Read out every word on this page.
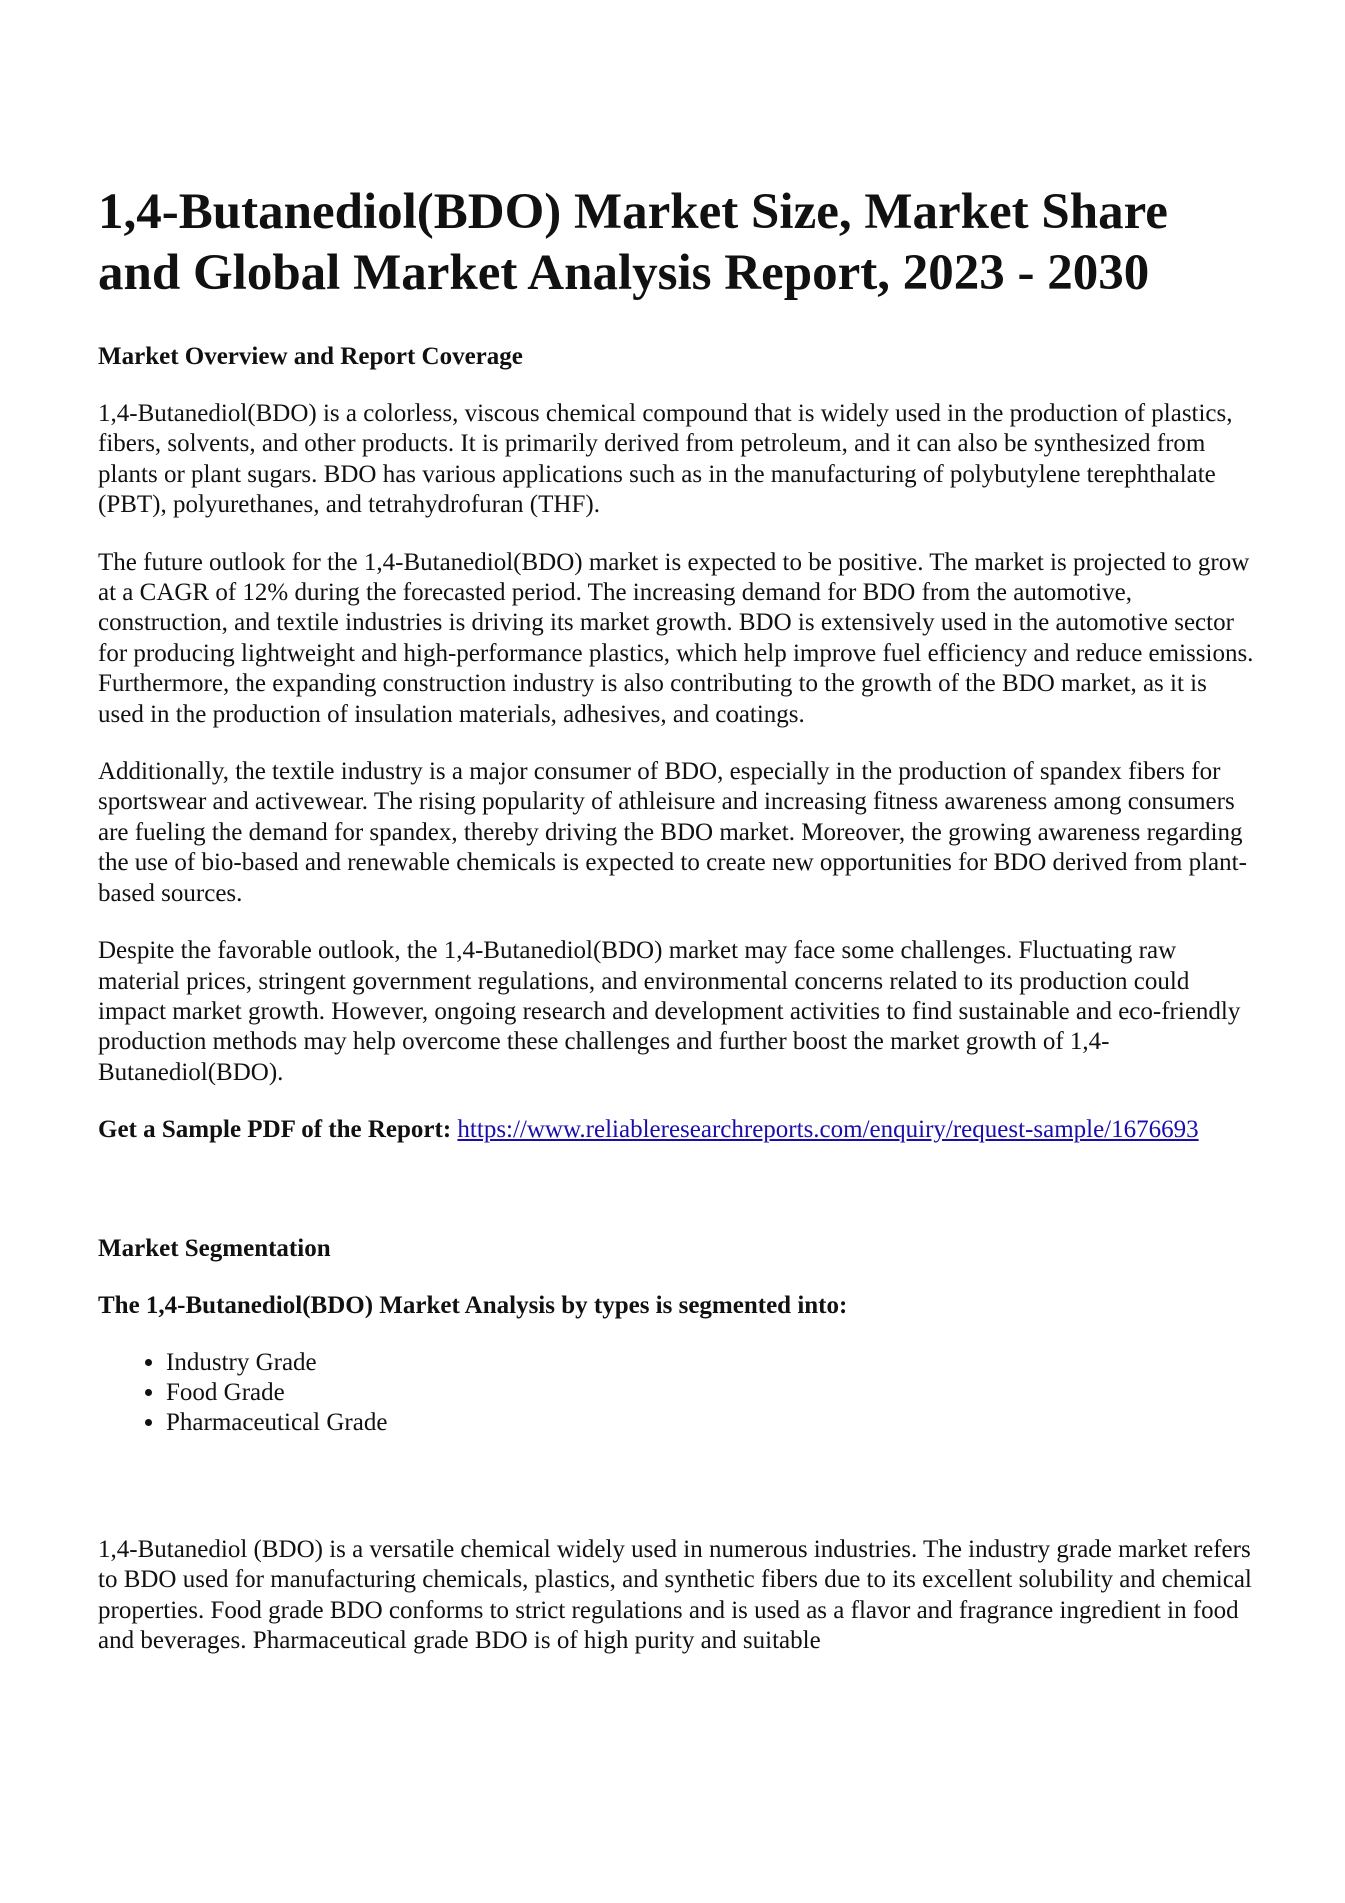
1,4-Butanediol(BDO) Market Size, Market Share and Global Market Analysis Report, 2023 - 2030
Market Overview and Report Coverage

1,4-Butanediol(BDO) is a colorless, viscous chemical compound that is widely used in the production of plastics, fibers, solvents, and other products. It is primarily derived from petroleum, and it can also be synthesized from plants or plant sugars. BDO has various applications such as in the manufacturing of polybutylene terephthalate (PBT), polyurethanes, and tetrahydrofuran (THF).

The future outlook for the 1,4-Butanediol(BDO) market is expected to be positive. The market is projected to grow at a CAGR of 12% during the forecasted period. The increasing demand for BDO from the automotive, construction, and textile industries is driving its market growth. BDO is extensively used in the automotive sector for producing lightweight and high-performance plastics, which help improve fuel efficiency and reduce emissions. Furthermore, the expanding construction industry is also contributing to the growth of the BDO market, as it is used in the production of insulation materials, adhesives, and coatings.

Additionally, the textile industry is a major consumer of BDO, especially in the production of spandex fibers for sportswear and activewear. The rising popularity of athleisure and increasing fitness awareness among consumers are fueling the demand for spandex, thereby driving the BDO market. Moreover, the growing awareness regarding the use of bio-based and renewable chemicals is expected to create new opportunities for BDO derived from plant-based sources.

Despite the favorable outlook, the 1,4-Butanediol(BDO) market may face some challenges. Fluctuating raw material prices, stringent government regulations, and environmental concerns related to its production could impact market growth. However, ongoing research and development activities to find sustainable and eco-friendly production methods may help overcome these challenges and further boost the market growth of 1,4-Butanediol(BDO).

Get a Sample PDF of the Report: https://www.reliableresearchreports.com/enquiry/request-sample/1676693
Market Segmentation
The 1,4-Butanediol(BDO) Market Analysis by types is segmented into:
• Industry Grade
• Food Grade
• Pharmaceutical Grade

1,4-Butanediol (BDO) is a versatile chemical widely used in numerous industries. The industry grade market refers to BDO used for manufacturing chemicals, plastics, and synthetic fibers due to its excellent solubility and chemical properties. Food grade BDO conforms to strict regulations and is used as a flavor and fragrance ingredient in food and beverages. Pharmaceutical grade BDO is of high purity and suitable
